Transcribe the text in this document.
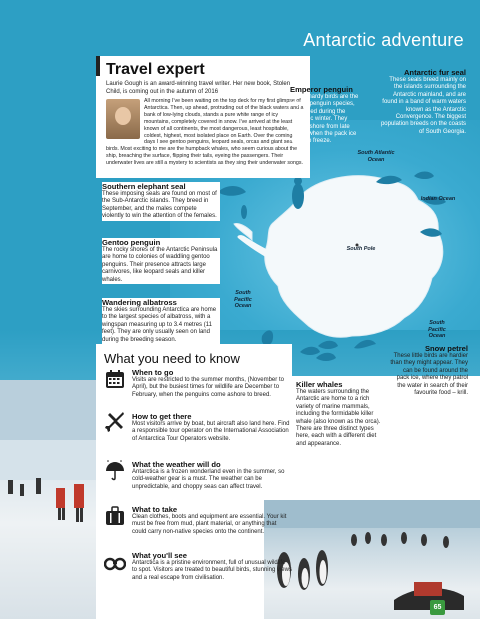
Antarctic adventure
South Atlantic Ocean
Indian Ocean
South Pole
South Pacific Ocean
South Pacific Ocean
Travel expert
Laurie Gough is an award-winning travel writer. Her new book, Stolen Child, is coming out in the autumn of 2016
All morning I've been waiting on the top deck for my first glimpse of Antarctica. Then, up ahead, protruding out of the black waters and a bank of low-lying clouds, stands a pure white range of icy mountains, completely covered in snow. I've arrived at the least known of all continents, the most dangerous, least hospitable, coldest, highest, most isolated place on Earth. Over the coming days I see gentoo penguins, leopard seals, orcas and giant sea birds. Most exciting to me are the humpback whales, who seem curious about the ship, breaching the surface, flipping their tails, eyeing the passengers. Their underwater lives are still a mystery to scientists as they sing their underwater songs.
Emperor penguin
These hardy birds are the largest penguin species, and breed during the Antarctic winter. They come ashore from late March when the pack ice starts to freeze.
Antarctic fur seal
These seals breed mainly on the islands surrounding the Antarctic mainland, and are found in a band of warm waters known as the Antarctic Convergence. The biggest population breeds on the coasts of South Georgia.
Southern elephant seal
These imposing seals are found on most of the Sub-Antarctic islands. They breed in September, and the males compete violently to win the attention of the females.
Gentoo penguin
The rocky shores of the Antarctic Peninsula are home to colonies of waddling gentoo penguins. Their presence attracts large carnivores, like leopard seals and killer whales.
Wandering albatross
The skies surrounding Antarctica are home to the largest species of albatross, with a wingspan measuring up to 3.4 metres (11 feet). They are only usually seen on land during the breeding season.
Killer whales
The waters surrounding the Antarctic are home to a rich variety of marine mammals, including the formidable killer whale (also known as the orca). There are three distinct types here, each with a different diet and appearance.
Snow petrel
These little birds are hardier than they might appear. They can be found around the pack ice, where they patrol the water in search of their favourite food – krill.
What you need to know
When to go
Visits are restricted to the summer months, (November to April), but the busiest times for wildlife are December to February, when the penguins come ashore to breed.
How to get there
Most visitors arrive by boat, but aircraft also land here. Find a responsible tour operator on the International Association of Antarctica Tour Operators website.
What the weather will do
Antarctica is a frozen wonderland even in the summer, so cold-weather gear is a must. The weather can be unpredictable, and choppy seas can affect travel.
What to take
Clean clothes, boots and equipment are essential. Your kit must be free from mud, plant material, or anything that could carry non-native species onto the continent.
What you'll see
Antarctica is a pristine environment, full of unusual wildlife to spot. Visitors are treated to beautiful birds, stunning views and a real escape from civilisation.
65
